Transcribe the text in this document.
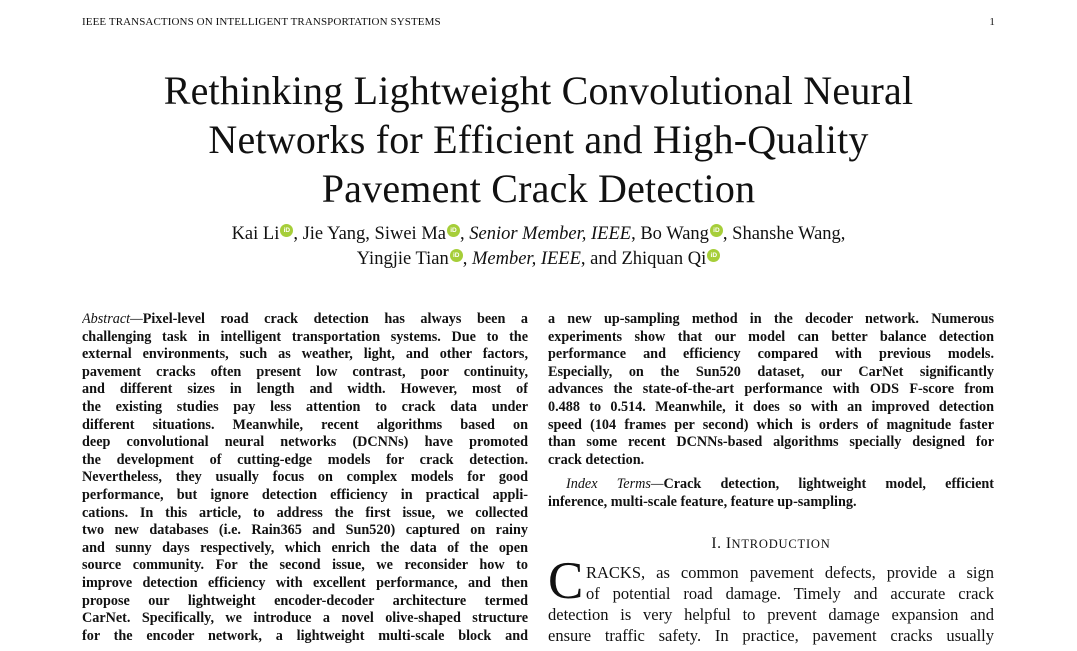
IEEE TRANSACTIONS ON INTELLIGENT TRANSPORTATION SYSTEMS	1
Rethinking Lightweight Convolutional Neural
Networks for Efficient and High-Quality
Pavement Crack Detection
Kai Li iD , Jie Yang, Siwei Ma iD , Senior Member, IEEE, Bo Wang iD , Shanshe Wang,
Yingjie Tian iD , Member, IEEE, and Zhiquan Qi iD
Abstract—Pixel-level road crack detection has always been a
challenging task in intelligent transportation systems. Due to the
external environments, such as weather, light, and other factors,
pavement cracks often present low contrast, poor continuity,
and different sizes in length and width. However, most of
the existing studies pay less attention to crack data under
different situations. Meanwhile, recent algorithms based on
deep convolutional neural networks (DCNNs) have promoted
the development of cutting-edge models for crack detection.
Nevertheless, they usually focus on complex models for good
performance, but ignore detection efficiency in practical appli-
cations. In this article, to address the first issue, we collected
two new databases (i.e. Rain365 and Sun520) captured on rainy
and sunny days respectively, which enrich the data of the open
source community. For the second issue, we reconsider how to
improve detection efficiency with excellent performance, and then
propose our lightweight encoder-decoder architecture termed
CarNet. Specifically, we introduce a novel olive-shaped structure
for the encoder network, a lightweight multi-scale block and
a new up-sampling method in the decoder network. Numerous
experiments show that our model can better balance detection
performance and efficiency compared with previous models.
Especially, on the Sun520 dataset, our CarNet significantly
advances the state-of-the-art performance with ODS F-score from
0.488 to 0.514. Meanwhile, it does so with an improved detection
speed (104 frames per second) which is orders of magnitude faster
than some recent DCNNs-based algorithms specially designed for
crack detection.
Index Terms—Crack detection, lightweight model, efficient
inference, multi-scale feature, feature up-sampling.
I. INTRODUCTION
C RACKS, as common pavement defects, provide a sign
of potential road damage. Timely and accurate crack
detection is very helpful to prevent damage expansion and
ensure traffic safety. In practice, pavement cracks usually
